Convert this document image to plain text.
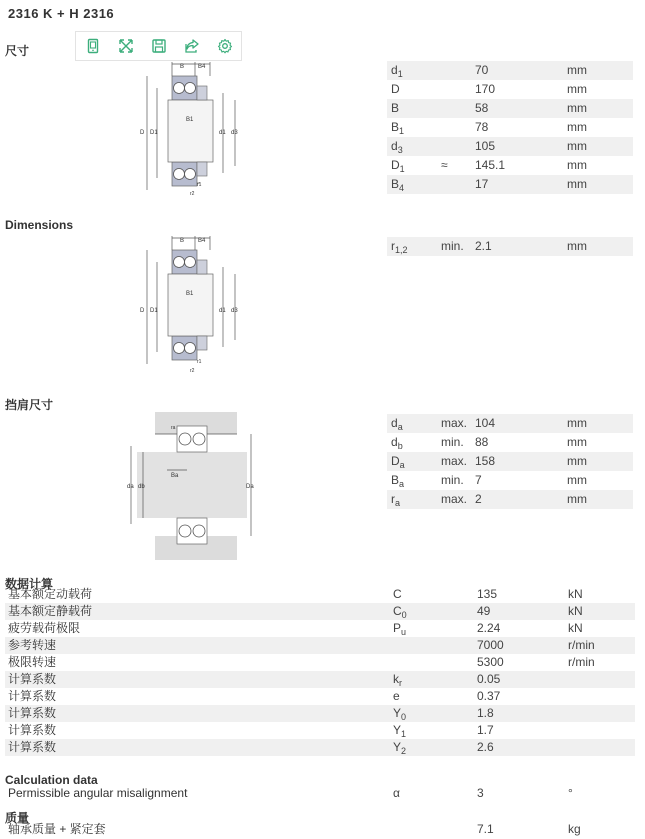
2316 K + H 2316
尺寸
Dimensions
挡肩尺寸
数据计算
Calculation data
质量
B B4
B1
D D1	d1 d3
r1
r2
B B4
B1
D D1	d1 d3
r1
r2
ra
Ba
da db	Da
$d_1$	70	mm
D	170	mm
B	58	mm
$B_1$	78	mm
$d_3$	105	mm
$D_1$	≈ 145.1	mm
$B_4$	17	mm
$r_{1,2}$	min. 2.1	mm
$d_a$	max. 104	mm
$d_b$	min. 88	mm
$D_a$	max. 158	mm
$B_a$	min. 7	mm
$r_a$	max. 2	mm
基本额定动载荷	C	135	kN
基本额定静载荷	$C_0$	49	kN
疲劳载荷极限	$P_u$	2.24	kN
参考转速	7000	r/min
极限转速	5300	r/min
计算系数	$k_r$	0.05
计算系数	e	0.37
计算系数	$Y_0$	1.8
计算系数	$Y_1$	1.7
计算系数	$Y_2$	2.6
Permissible angular misalignment	α	3	°
轴承质量 + 紧定套	7.1	kg
